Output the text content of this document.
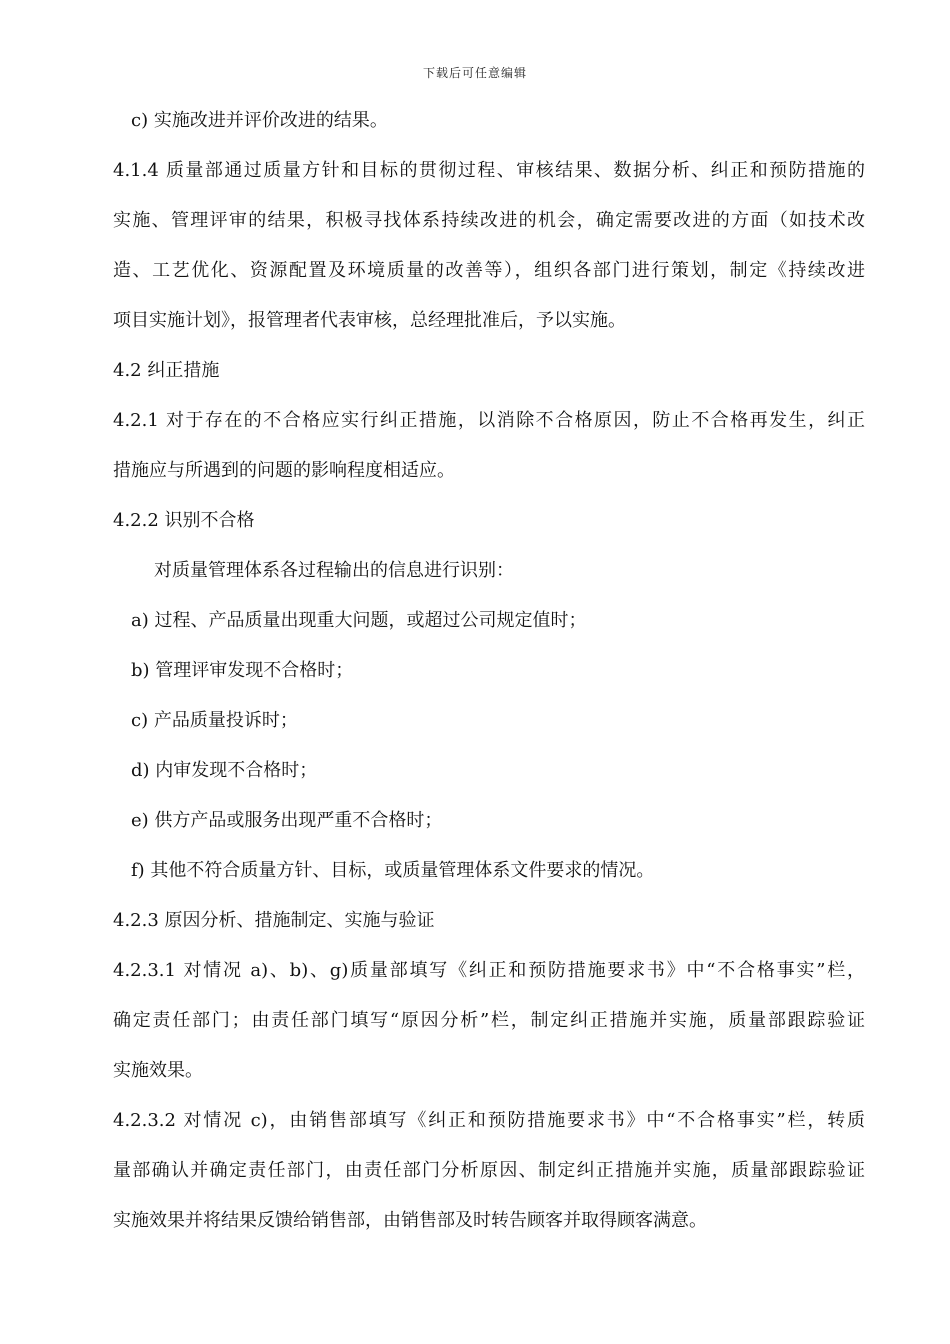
下载后可任意编辑
c) 实施改进并评价改进的结果。
4.1.4 质量部通过质量方针和目标的贯彻过程、审核结果、数据分析、纠正和预防措施的
实施、管理评审的结果，积极寻找体系持续改进的机会，确定需要改进的方面（如技术改
造、工艺优化、资源配置及环境质量的改善等），组织各部门进行策划，制定《持续改进
项目实施计划》，报管理者代表审核，总经理批准后，予以实施。
4.2 纠正措施
4.2.1 对于存在的不合格应实行纠正措施，以消除不合格原因，防止不合格再发生，纠正
措施应与所遇到的问题的影响程度相适应。
4.2.2 识别不合格
对质量管理体系各过程输出的信息进行识别：
a) 过程、产品质量出现重大问题，或超过公司规定值时；
b) 管理评审发现不合格时；
c) 产品质量投诉时；
d) 内审发现不合格时；
e) 供方产品或服务出现严重不合格时；
f) 其他不符合质量方针、目标，或质量管理体系文件要求的情况。
4.2.3 原因分析、措施制定、实施与验证
4.2.3.1 对情况 a)、b)、g)质量部填写《纠正和预防措施要求书》中“不合格事实”栏，
确定责任部门；由责任部门填写“原因分析”栏，制定纠正措施并实施，质量部跟踪验证
实施效果。
4.2.3.2 对情况 c)，由销售部填写《纠正和预防措施要求书》中“不合格事实”栏，转质
量部确认并确定责任部门，由责任部门分析原因、制定纠正措施并实施，质量部跟踪验证
实施效果并将结果反馈给销售部，由销售部及时转告顾客并取得顾客满意。
